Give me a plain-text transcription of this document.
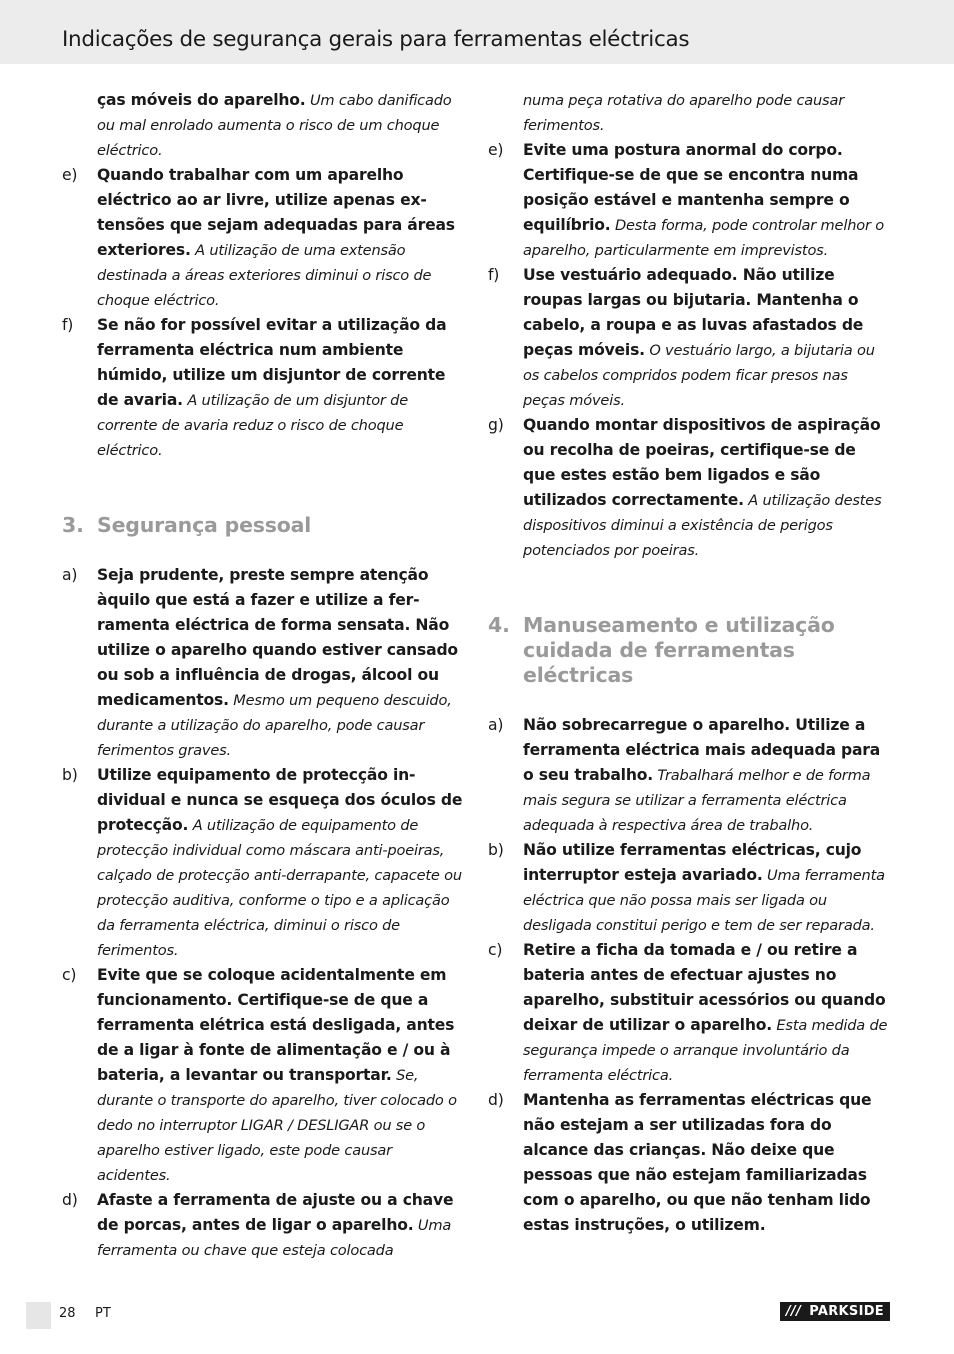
Indicações de segurança gerais para ferramentas eléctricas
ças móveis do aparelho. Um cabo danificado ou mal enrolado aumenta o risco de um choque eléctrico.
e) Quando trabalhar com um aparelho eléctrico ao ar livre, utilize apenas extensões que sejam adequadas para áreas exteriores. A utilização de uma extensão destinada a áreas exteriores diminui o risco de choque eléctrico.
f) Se não for possível evitar a utilização da ferramenta eléctrica num ambiente húmido, utilize um disjuntor de corrente de avaria. A utilização de um disjuntor de corrente de avaria reduz o risco de choque eléctrico.
3. Segurança pessoal
a) Seja prudente, preste sempre atenção àquilo que está a fazer e utilize a ferramenta eléctrica de forma sensata. Não utilize o aparelho quando estiver cansado ou sob a influência de drogas, álcool ou medicamentos. Mesmo um pequeno descuido, durante a utilização do aparelho, pode causar ferimentos graves.
b) Utilize equipamento de protecção individual e nunca se esqueça dos óculos de protecção. A utilização de equipamento de protecção individual como máscara anti-poeiras, calçado de protecção anti-derrapante, capacete ou protecção auditiva, conforme o tipo e a aplicação da ferramenta eléctrica, diminui o risco de ferimentos.
c) Evite que se coloque acidentalmente em funcionamento. Certifique-se de que a ferramenta elétrica está desligada, antes de a ligar à fonte de alimentação e / ou à bateria, a levantar ou transportar. Se, durante o transporte do aparelho, tiver colocado o dedo no interruptor LIGAR / DESLIGAR ou se o aparelho estiver ligado, este pode causar acidentes.
d) Afaste a ferramenta de ajuste ou a chave de porcas, antes de ligar o aparelho. Uma ferramenta ou chave que esteja colocada
numa peça rotativa do aparelho pode causar ferimentos.
e) Evite uma postura anormal do corpo. Certifique-se de que se encontra numa posição estável e mantenha sempre o equilíbrio. Desta forma, pode controlar melhor o aparelho, particularmente em imprevistos.
f) Use vestuário adequado. Não utilize roupas largas ou bijutaria. Mantenha o cabelo, a roupa e as luvas afastados de peças móveis. O vestuário largo, a bijutaria ou os cabelos compridos podem ficar presos nas peças móveis.
g) Quando montar dispositivos de aspiração ou recolha de poeiras, certifique-se de que estes estão bem ligados e são utilizados correctamente. A utilização destes dispositivos diminui a existência de perigos potenciados por poeiras.
4. Manuseamento e utilização cuidada de ferramentas eléctricas
a) Não sobrecarregue o aparelho. Utilize a ferramenta eléctrica mais adequada para o seu trabalho. Trabalhará melhor e de forma mais segura se utilizar a ferramenta eléctrica adequada à respectiva área de trabalho.
b) Não utilize ferramentas eléctricas, cujo interruptor esteja avariado. Uma ferramenta eléctrica que não possa mais ser ligada ou desligada constitui perigo e tem de ser reparada.
c) Retire a ficha da tomada e / ou retire a bateria antes de efectuar ajustes no aparelho, substituir acessórios ou quando deixar de utilizar o aparelho. Esta medida de segurança impede o arranque involuntário da ferramenta eléctrica.
d) Mantenha as ferramentas eléctricas que não estejam a ser utilizadas fora do alcance das crianças. Não deixe que pessoas que não estejam familiarizadas com o aparelho, ou que não tenham lido estas instruções, o utilizem.
28 PT	/// PARKSIDE
